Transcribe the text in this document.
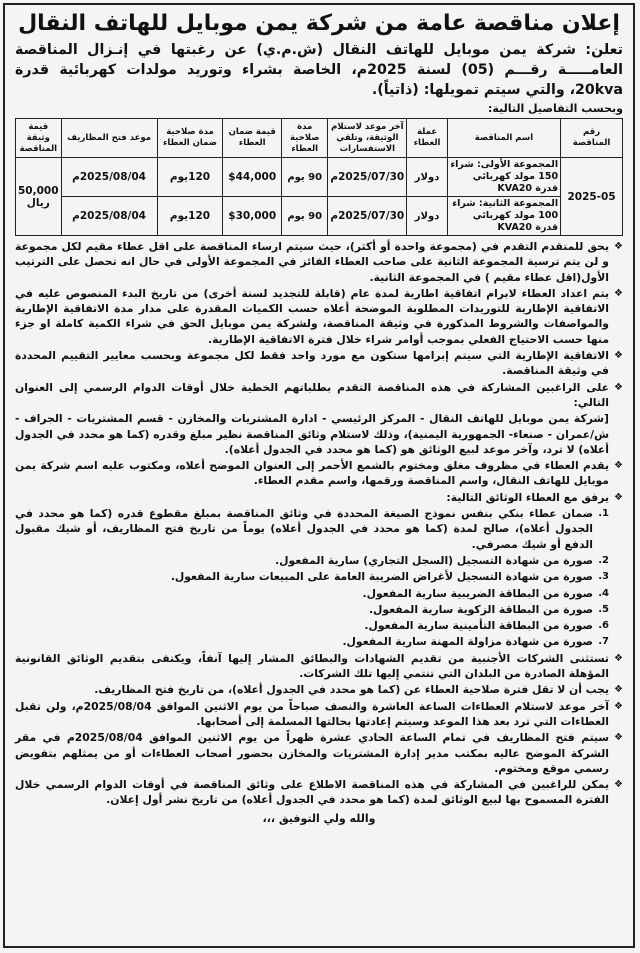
إعلان مناقصة عامة من شركة يمن موبايل للهاتف النقال
تعلن: شركة يمن موبايل للهاتف النقال (ش.م.ي) عن رغبتها في إنـزال المناقصة العامـــــة رقـــم (05) لسنة 2025م، الخاصة بشراء وتوريد مولدات كهربائية قدرة 20kva، والتي سيتم تمويلها: (ذاتياً).
وبحسب التفاصيل التالية:
رقم المناقصة	اسم المناقصة	عملة العطاء	آخر موعد لاستلام الوثيقة، وتلقي الاستفسارات	مدة صلاحية العطاء	قيمة ضمان العطاء	مدة صلاحية ضمان العطاء	موعد فتح المظاريف	قيمة وثيقة المناقصة
2025-05	المجموعة الأولى: شراء 150 مولد كهربائي قدرة KVA20	دولار	2025/07/30م	90 يوم	$44,000	120يوم	2025/08/04م	50,000 ريال
	المجموعة الثانية: شراء 100 مولد كهربائي قدرة KVA20	دولار	2025/07/30م	90 يوم	$30,000	120يوم	2025/08/04م	
❖
يحق للمتقدم التقدم في (مجموعة واحدة أو أكثر)، حيث سيتم ارساء المناقصة على اقل عطاء مقيم لكل مجموعة و لن يتم ترسية المجموعة الثانية على صاحب العطاء الفائز في المجموعة الأولى في حال انه تحصل على الترتيب الأول(اقل عطاء مقيم ) في المجموعة الثانية.
❖
يتم اعداد العطاء لابرام اتفاقية اطارية لمدة عام (قابلة للتجديد لسنة أخرى) من تاريخ البدء المنصوص عليه في الاتفاقية الإطارية للتوريدات المطلوبة الموضحة أعلاه حسب الكميات المقدرة على مدار مدة الاتفاقية الإطارية والمواصفات والشروط المذكورة في وثيقة المناقصة، ولشركة يمن موبايل الحق في شراء الكمية كاملة او جزء منها حسب الاحتياج الفعلي بموجب أوامر شراء خلال فترة الاتفاقية الإطارية.
❖
الاتفاقية الإطارية التي سيتم إبرامها ستكون مع مورد واحد فقط لكل مجموعة وبحسب معايير التقييم المحددة في وثيقة المناقصة.
❖
على الراغبين المشاركة في هذه المناقصة التقدم بطلباتهم الخطية خلال أوقات الدوام الرسمي إلى العنوان التالي:
[شركة يمن موبايل للهاتف النقال - المركز الرئيسي - ادارة المشتريات والمخازن - قسم المشتريات - الجراف - ش/عمران - صنعاء- الجمهورية اليمنية)، وذلك لاستلام وثائق المناقصة نظير مبلغ وقدره (كما هو محدد في الجدول أعلاه) لا ترد، وآخر موعد لبيع الوثائق هو (كما هو محدد في الجدول أعلاه).
❖
يقدم العطاء في مظروف مغلق ومختوم بالشمع الأحمر إلى العنوان الموضح أعلاه، ومكتوب عليه اسم شركة يمن موبايل للهاتف النقال، واسم المناقصة ورقمها، واسم مقدم العطاء.
❖
يرفق مع العطاء الوثائق التالية:
1.
ضمان عطاء بنكي بنفس نموذج الصيغة المحددة في وثائق المناقصة بمبلغ مقطوع قدره (كما هو محدد في الجدول أعلاه)، صالح لمدة (كما هو محدد في الجدول أعلاه) يوماً من تاريخ فتح المظاريف، أو شيك مقبول الدفع أو شيك مصرفي.
2.
صورة من شهادة التسجيل (السجل التجاري) سارية المفعول.
3.
صورة من شهادة التسجيل لأغراض الضريبة العامة على المبيعات سارية المفعول.
4.
صورة من البطاقة الضريبية سارية المفعول.
5.
صورة من البطاقة الزكوية سارية المفعول.
6.
صورة من البطاقة التأمينية سارية المفعول.
7.
صورة من شهادة مزاولة المهنة سارية المفعول.
❖
تستثنى الشركات الأجنبية من تقديم الشهادات والبطائق المشار إليها آنفاً، ويكتفى بتقديم الوثائق القانونية المؤهلة الصادرة من البلدان التي تنتمي إليها تلك الشركات.
❖
يجب أن لا تقل فترة صلاحية العطاء عن (كما هو محدد في الجدول أعلاه)، من تاريخ فتح المظاريف.
❖
آخر موعد لاستلام العطاءات الساعة العاشرة والنصف صباحاً من يوم الاثنين الموافق 2025/08/04م، ولن تقبل العطاءات التي ترد بعد هذا الموعد وسيتم إعادتها بحالتها المسلمة إلى أصحابها.
❖
سيتم فتح المظاريف في تمام الساعة الحادي عشرة ظهراً من يوم الاثنين الموافق 2025/08/04م في مقر الشركة الموضح عاليه بمكتب مدير إدارة المشتريات والمخازن بحضور أصحاب العطاءات أو من يمثلهم بتفويض رسمي موقع ومختوم.
❖
يمكن للراغبين في المشاركة في هذه المناقصة الاطلاع على وثائق المناقصة في أوقات الدوام الرسمي خلال الفترة المسموح بها لبيع الوثائق لمدة (كما هو محدد في الجدول أعلاه) من تاريخ نشر أول إعلان.
والله ولي التوفيق ،،،
